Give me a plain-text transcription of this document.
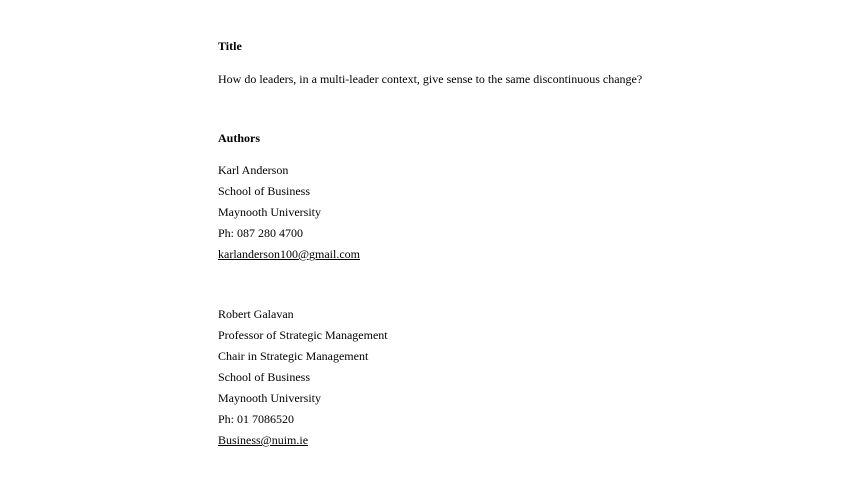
Title
How do leaders, in a multi-leader context, give sense to the same discontinuous change?
Authors
Karl Anderson
School of Business
Maynooth University
Ph: 087 280 4700
karlanderson100@gmail.com
Robert Galavan
Professor of Strategic Management
Chair in Strategic Management
School of Business
Maynooth University
Ph: 01 7086520
Business@nuim.ie
